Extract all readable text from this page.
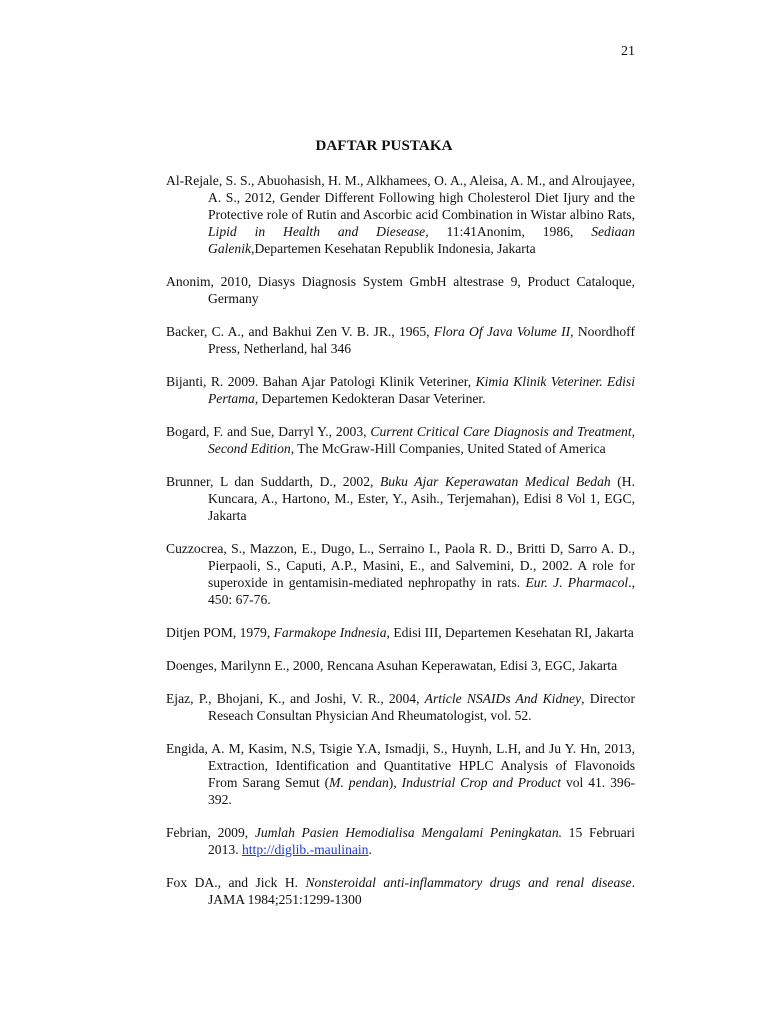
21
DAFTAR PUSTAKA

Al-Rejale, S. S., Abuohasish, H. M., Alkhamees, O. A., Aleisa, A. M., and Alroujayee, A. S., 2012, Gender Different Following high Cholesterol Diet Ijury and the Protective role of Rutin and Ascorbic acid Combination in Wistar albino Rats, Lipid in Health and Diesease, 11:41Anonim, 1986, Sediaan Galenik,Departemen Kesehatan Republik Indonesia, Jakarta

Anonim, 2010, Diasys Diagnosis System GmbH altestrase 9, Product Cataloque, Germany

Backer, C. A., and Bakhui Zen V. B. JR., 1965, Flora Of Java Volume II, Noordhoff Press, Netherland, hal 346

Bijanti, R. 2009. Bahan Ajar Patologi Klinik Veteriner, Kimia Klinik Veteriner. Edisi Pertama, Departemen Kedokteran Dasar Veteriner.

Bogard, F. and Sue, Darryl Y., 2003, Current Critical Care Diagnosis and Treatment, Second Edition, The McGraw-Hill Companies, United Stated of America

Brunner, L dan Suddarth, D., 2002, Buku Ajar Keperawatan Medical Bedah (H. Kuncara, A., Hartono, M., Ester, Y., Asih., Terjemahan), Edisi 8 Vol 1, EGC, Jakarta

Cuzzocrea, S., Mazzon, E., Dugo, L., Serraino I., Paola R. D., Britti D, Sarro A. D., Pierpaoli, S., Caputi, A.P., Masini, E., and Salvemini, D., 2002. A role for superoxide in gentamisin-mediated nephropathy in rats. Eur. J. Pharmacol., 450: 67-76.

Ditjen POM, 1979, Farmakope Indnesia, Edisi III, Departemen Kesehatan RI, Jakarta

Doenges, Marilynn E., 2000, Rencana Asuhan Keperawatan, Edisi 3, EGC, Jakarta

Ejaz, P., Bhojani, K., and Joshi, V. R., 2004, Article NSAIDs And Kidney, Director Reseach Consultan Physician And Rheumatologist, vol. 52.

Engida, A. M, Kasim, N.S, Tsigie Y.A, Ismadji, S., Huynh, L.H, and Ju Y. Hn, 2013, Extraction, Identification and Quantitative HPLC Analysis of Flavonoids From Sarang Semut (M. pendan), Industrial Crop and Product vol 41. 396-392.

Febrian, 2009, Jumlah Pasien Hemodialisa Mengalami Peningkatan. 15 Februari 2013. http://diglib.-maulinain.

Fox DA., and Jick H. Nonsteroidal anti-inflammatory drugs and renal disease. JAMA 1984;251:1299-1300
